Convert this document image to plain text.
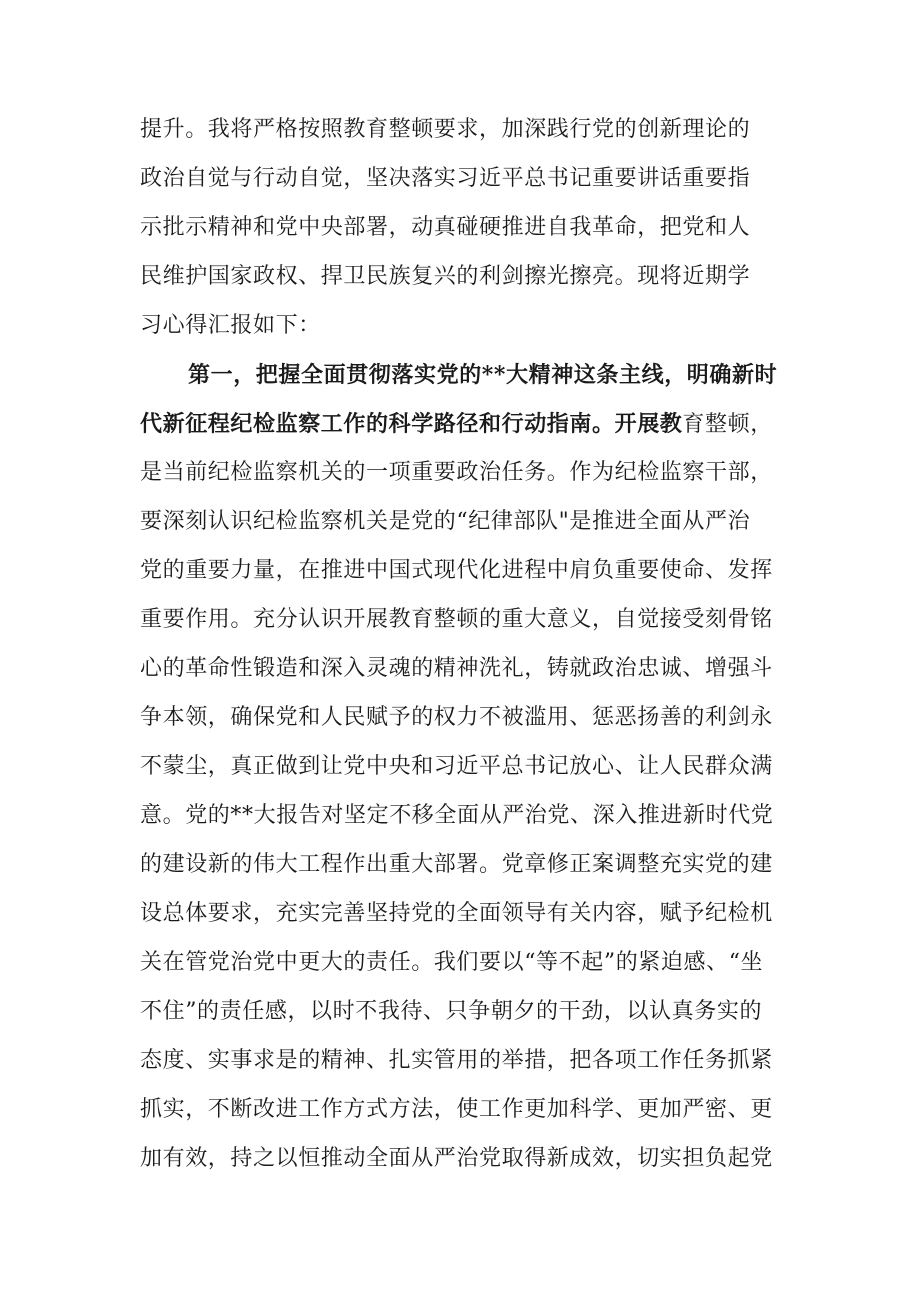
提升。我将严格按照教育整顿要求，加深践行党的创新理论的
政治自觉与行动自觉，坚决落实习近平总书记重要讲话重要指
示批示精神和党中央部署，动真碰硬推进自我革命，把党和人
民维护国家政权、捍卫民族复兴的利剑擦光擦亮。现将近期学
习心得汇报如下：
第一，把握全面贯彻落实党的**大精神这条主线，明确新时
代新征程纪检监察工作的科学路径和行动指南。开展教育整顿，
是当前纪检监察机关的一项重要政治任务。作为纪检监察干部，
要深刻认识纪检监察机关是党的“纪律部队"是推进全面从严治
党的重要力量，在推进中国式现代化进程中肩负重要使命、发挥
重要作用。充分认识开展教育整顿的重大意义，自觉接受刻骨铭
心的革命性锻造和深入灵魂的精神洗礼，铸就政治忠诚、增强斗
争本领，确保党和人民赋予的权力不被滥用、惩恶扬善的利剑永
不蒙尘，真正做到让党中央和习近平总书记放心、让人民群众满
意。党的**大报告对坚定不移全面从严治党、深入推进新时代党
的建设新的伟大工程作出重大部署。党章修正案调整充实党的建
设总体要求，充实完善坚持党的全面领导有关内容，赋予纪检机
关在管党治党中更大的责任。我们要以“等不起”的紧迫感、“坐
不住”的责任感，以时不我待、只争朝夕的干劲，以认真务实的
态度、实事求是的精神、扎实管用的举措，把各项工作任务抓紧
抓实，不断改进工作方式方法，使工作更加科学、更加严密、更
加有效，持之以恒推动全面从严治党取得新成效，切实担负起党
